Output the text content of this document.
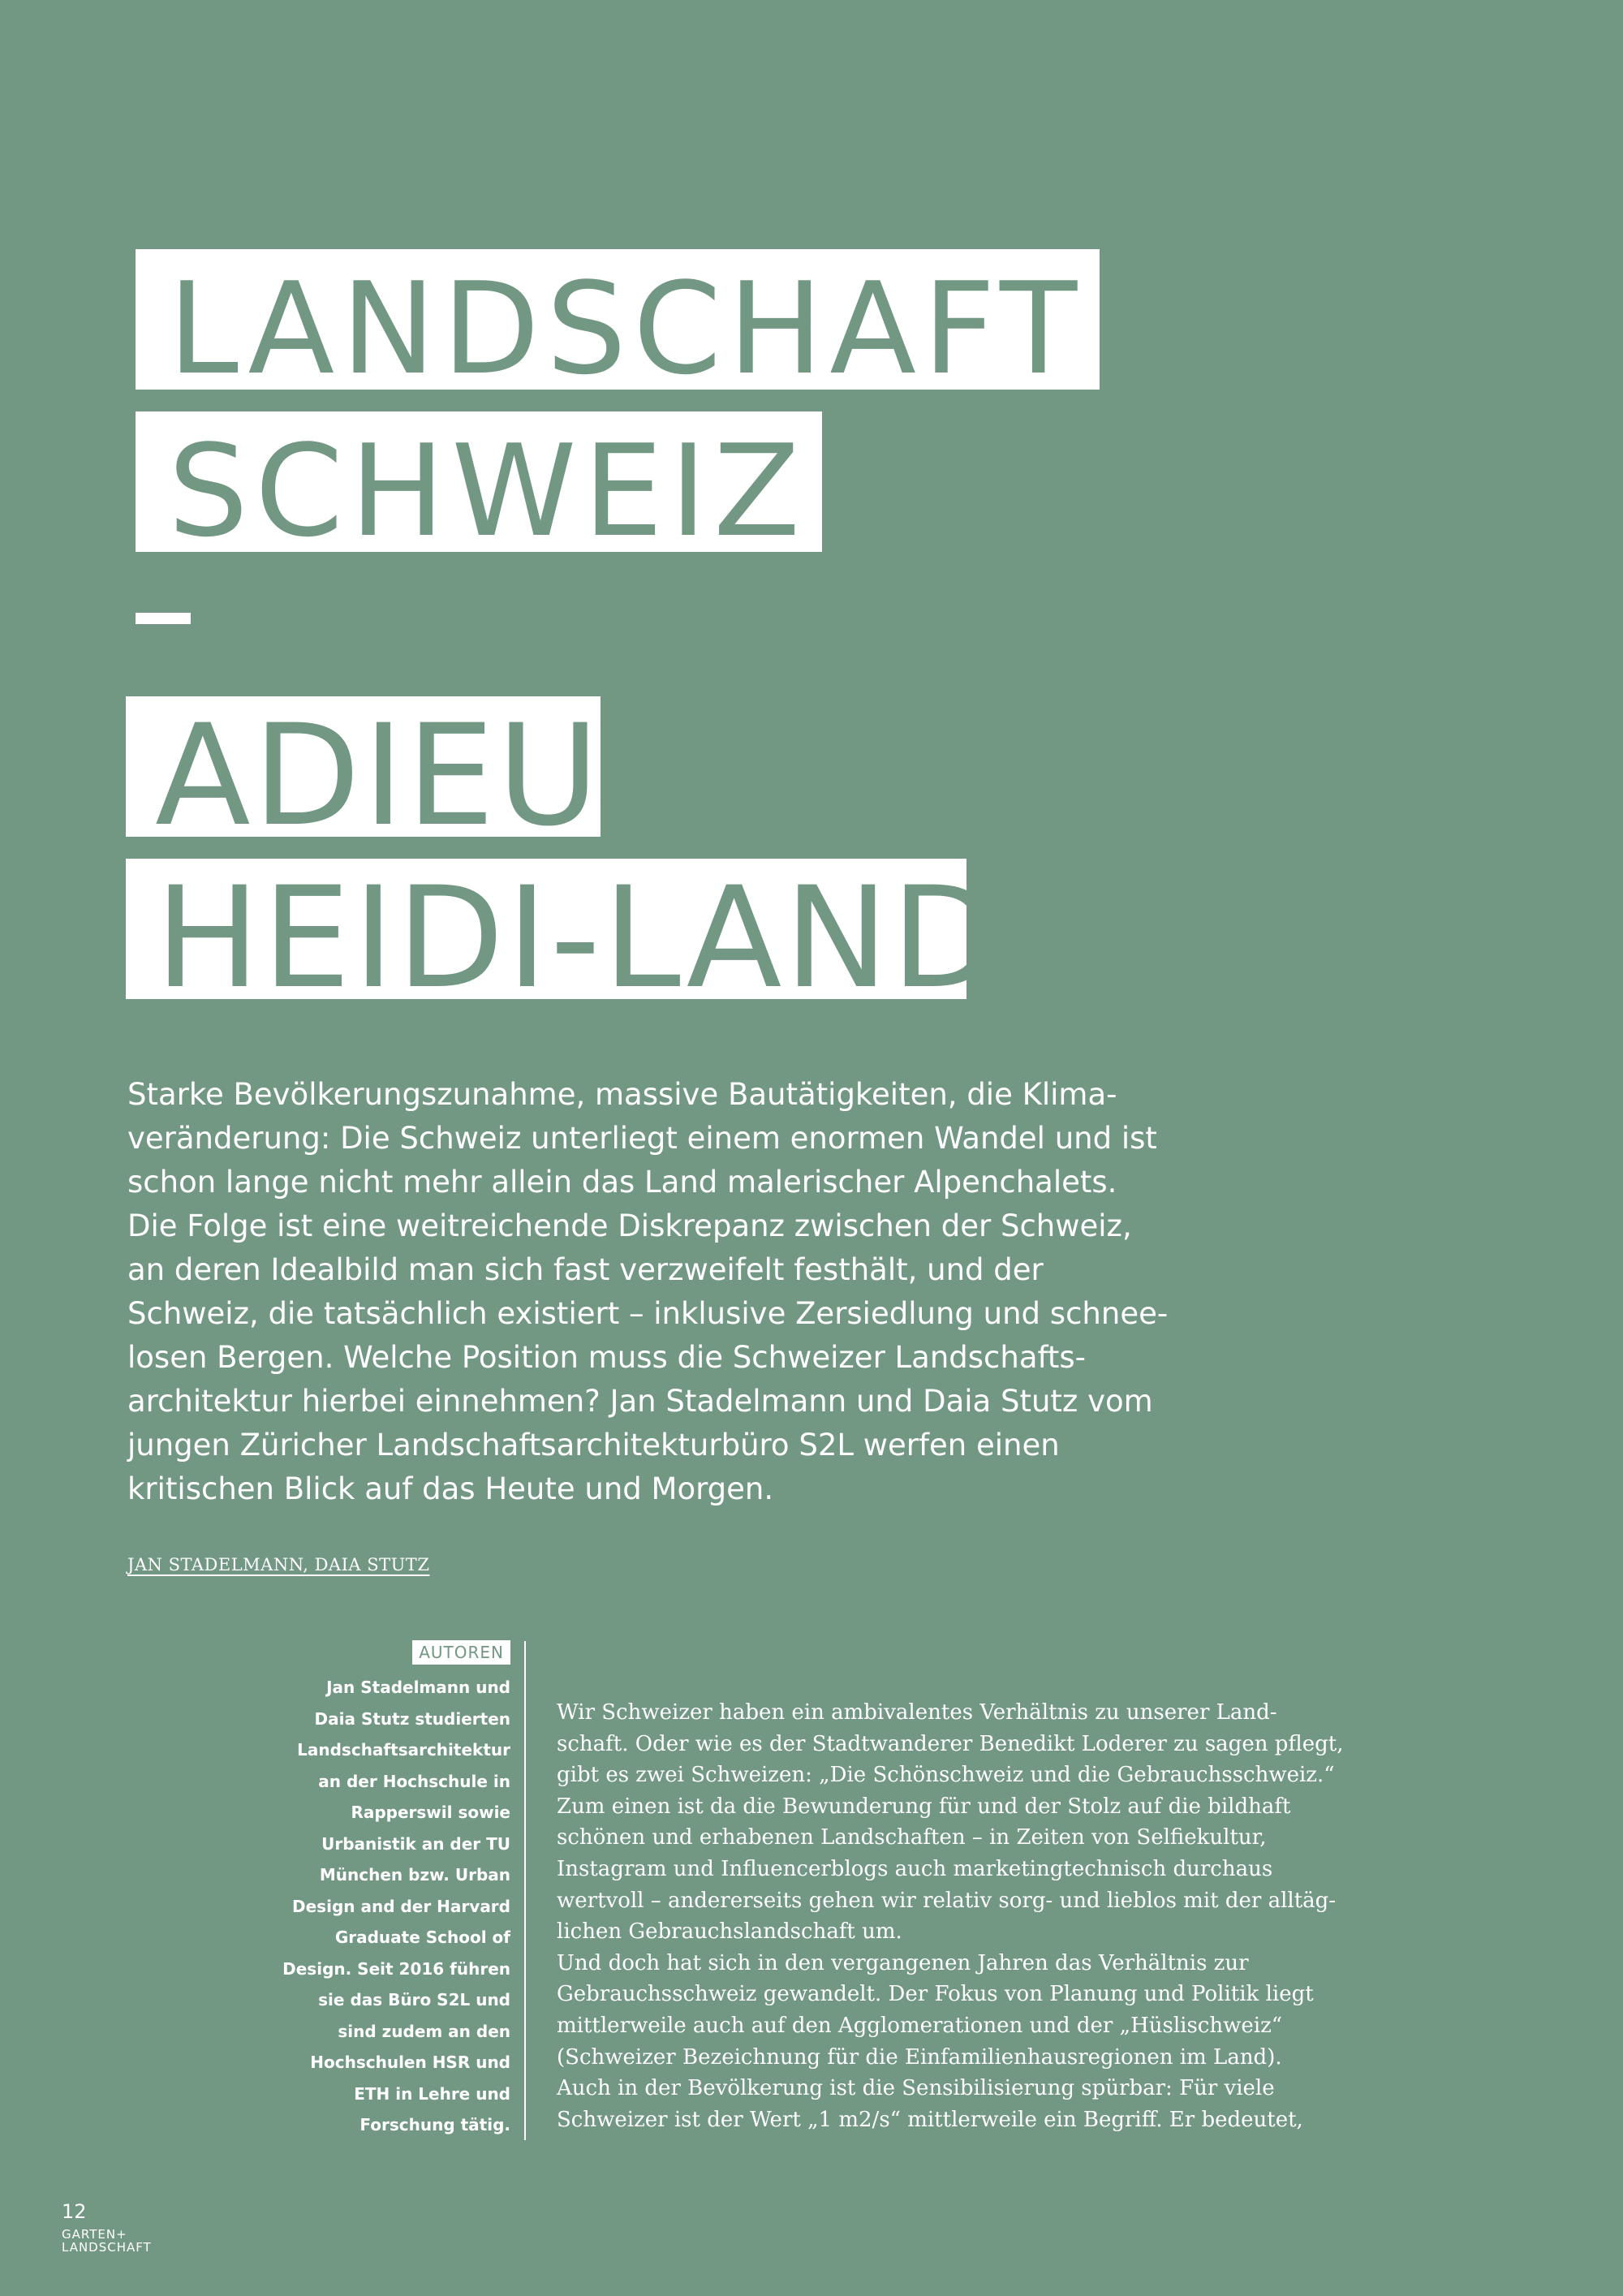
LANDSCHAFT
SCHWEIZ
ADIEU
HEIDI-LAND
Starke Bevölkerungszunahme, massive Bautätigkeiten, die Klima-
veränderung: Die Schweiz unterliegt einem enormen Wandel und ist
schon lange nicht mehr allein das Land malerischer Alpenchalets.
Die Folge ist eine weitreichende Diskrepanz zwischen der Schweiz,
an deren Idealbild man sich fast verzweifelt festhält, und der
Schweiz, die tatsächlich existiert – inklusive Zersiedlung und schnee-
losen Bergen. Welche Position muss die Schweizer Landschafts-
architektur hierbei einnehmen? Jan Stadelmann und Daia Stutz vom
jungen Züricher Landschaftsarchitekturbüro S2L werfen einen
kritischen Blick auf das Heute und Morgen.
JAN STADELMANN, DAIA STUTZ
AUTOREN
Jan Stadelmann und
Daia Stutz studierten
Landschaftsarchitektur
an der Hochschule in
Rapperswil sowie
Urbanistik an der TU
München bzw. Urban
Design and der Harvard
Graduate School of
Design. Seit 2016 führen
sie das Büro S2L und
sind zudem an den
Hochschulen HSR und
ETH in Lehre und
Forschung tätig.
Wir Schweizer haben ein ambivalentes Verhältnis zu unserer Land-
schaft. Oder wie es der Stadtwanderer Benedikt Loderer zu sagen pflegt,
gibt es zwei Schweizen: „Die Schönschweiz und die Gebrauchsschweiz.“
Zum einen ist da die Bewunderung für und der Stolz auf die bildhaft
schönen und erhabenen Landschaften – in Zeiten von Selfiekultur,
Instagram und Influencerblogs auch marketingtechnisch durchaus
wertvoll – andererseits gehen wir relativ sorg- und lieblos mit der alltäg-
lichen Gebrauchslandschaft um.
Und doch hat sich in den vergangenen Jahren das Verhältnis zur
Gebrauchsschweiz gewandelt. Der Fokus von Planung und Politik liegt
mittlerweile auch auf den Agglomerationen und der „Hüslischweiz“
(Schweizer Bezeichnung für die Einfamilienhausregionen im Land).
Auch in der Bevölkerung ist die Sensibilisierung spürbar: Für viele
Schweizer ist der Wert „1 m2/s“ mittlerweile ein Begriff. Er bedeutet,
12
GARTEN+
LANDSCHAFT
